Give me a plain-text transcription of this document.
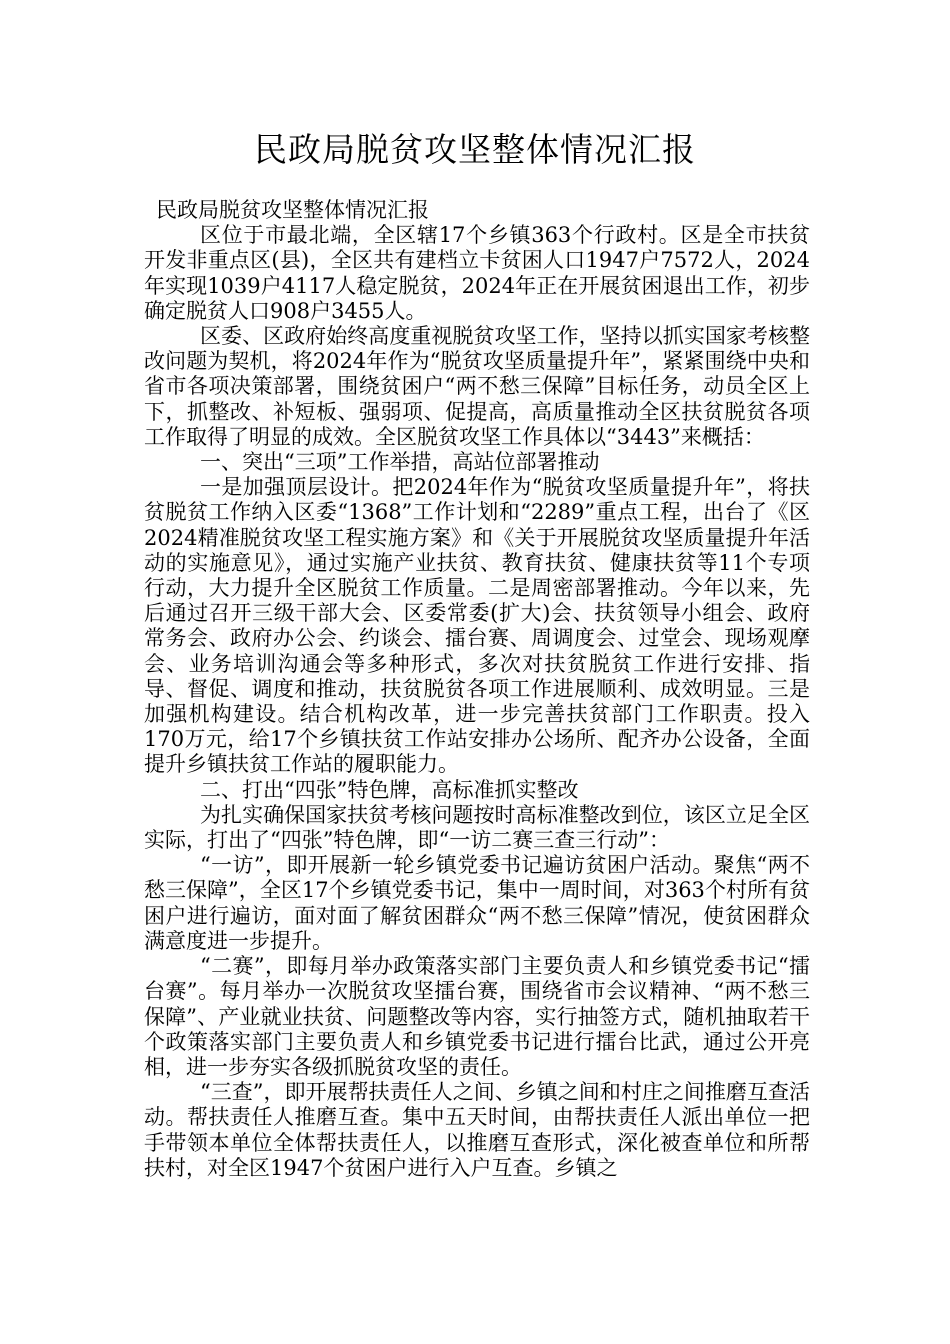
民政局脱贫攻坚整体情况汇报

民政局脱贫攻坚整体情况汇报

区位于市最北端，全区辖17个乡镇363个行政村。区是全市扶贫开发非重点区(县)，全区共有建档立卡贫困人口1947户7572人，2024年实现1039户4117人稳定脱贫，2024年正在开展贫困退出工作，初步确定脱贫人口908户3455人。

区委、区政府始终高度重视脱贫攻坚工作，坚持以抓实国家考核整改问题为契机，将2024年作为“脱贫攻坚质量提升年”，紧紧围绕中央和省市各项决策部署，围绕贫困户“两不愁三保障”目标任务，动员全区上下，抓整改、补短板、强弱项、促提高，高质量推动全区扶贫脱贫各项工作取得了明显的成效。全区脱贫攻坚工作具体以“3443”来概括：

一、突出“三项”工作举措，高站位部署推动

一是加强顶层设计。把2024年作为“脱贫攻坚质量提升年”，将扶贫脱贫工作纳入区委“1368”工作计划和“2289”重点工程，出台了《区2024精准脱贫攻坚工程实施方案》和《关于开展脱贫攻坚质量提升年活动的实施意见》，通过实施产业扶贫、教育扶贫、健康扶贫等11个专项行动，大力提升全区脱贫工作质量。二是周密部署推动。今年以来，先后通过召开三级干部大会、区委常委(扩大)会、扶贫领导小组会、政府常务会、政府办公会、约谈会、擂台赛、周调度会、过堂会、现场观摩会、业务培训沟通会等多种形式，多次对扶贫脱贫工作进行安排、指导、督促、调度和推动，扶贫脱贫各项工作进展顺利、成效明显。三是加强机构建设。结合机构改革，进一步完善扶贫部门工作职责。投入170万元，给17个乡镇扶贫工作站安排办公场所、配齐办公设备，全面提升乡镇扶贫工作站的履职能力。

二、打出“四张”特色牌，高标准抓实整改

为扎实确保国家扶贫考核问题按时高标准整改到位，该区立足全区实际，打出了“四张”特色牌，即“一访二赛三查三行动”：

“一访”，即开展新一轮乡镇党委书记遍访贫困户活动。聚焦“两不愁三保障”，全区17个乡镇党委书记，集中一周时间，对363个村所有贫困户进行遍访，面对面了解贫困群众“两不愁三保障”情况，使贫困群众满意度进一步提升。

“二赛”，即每月举办政策落实部门主要负责人和乡镇党委书记“擂台赛”。每月举办一次脱贫攻坚擂台赛，围绕省市会议精神、“两不愁三保障”、产业就业扶贫、问题整改等内容，实行抽签方式，随机抽取若干个政策落实部门主要负责人和乡镇党委书记进行擂台比武，通过公开亮相，进一步夯实各级抓脱贫攻坚的责任。

“三查”，即开展帮扶责任人之间、乡镇之间和村庄之间推磨互查活动。帮扶责任人推磨互查。集中五天时间，由帮扶责任人派出单位一把手带领本单位全体帮扶责任人，以推磨互查形式，深化被查单位和所帮扶村，对全区1947个贫困户进行入户互查。乡镇之
